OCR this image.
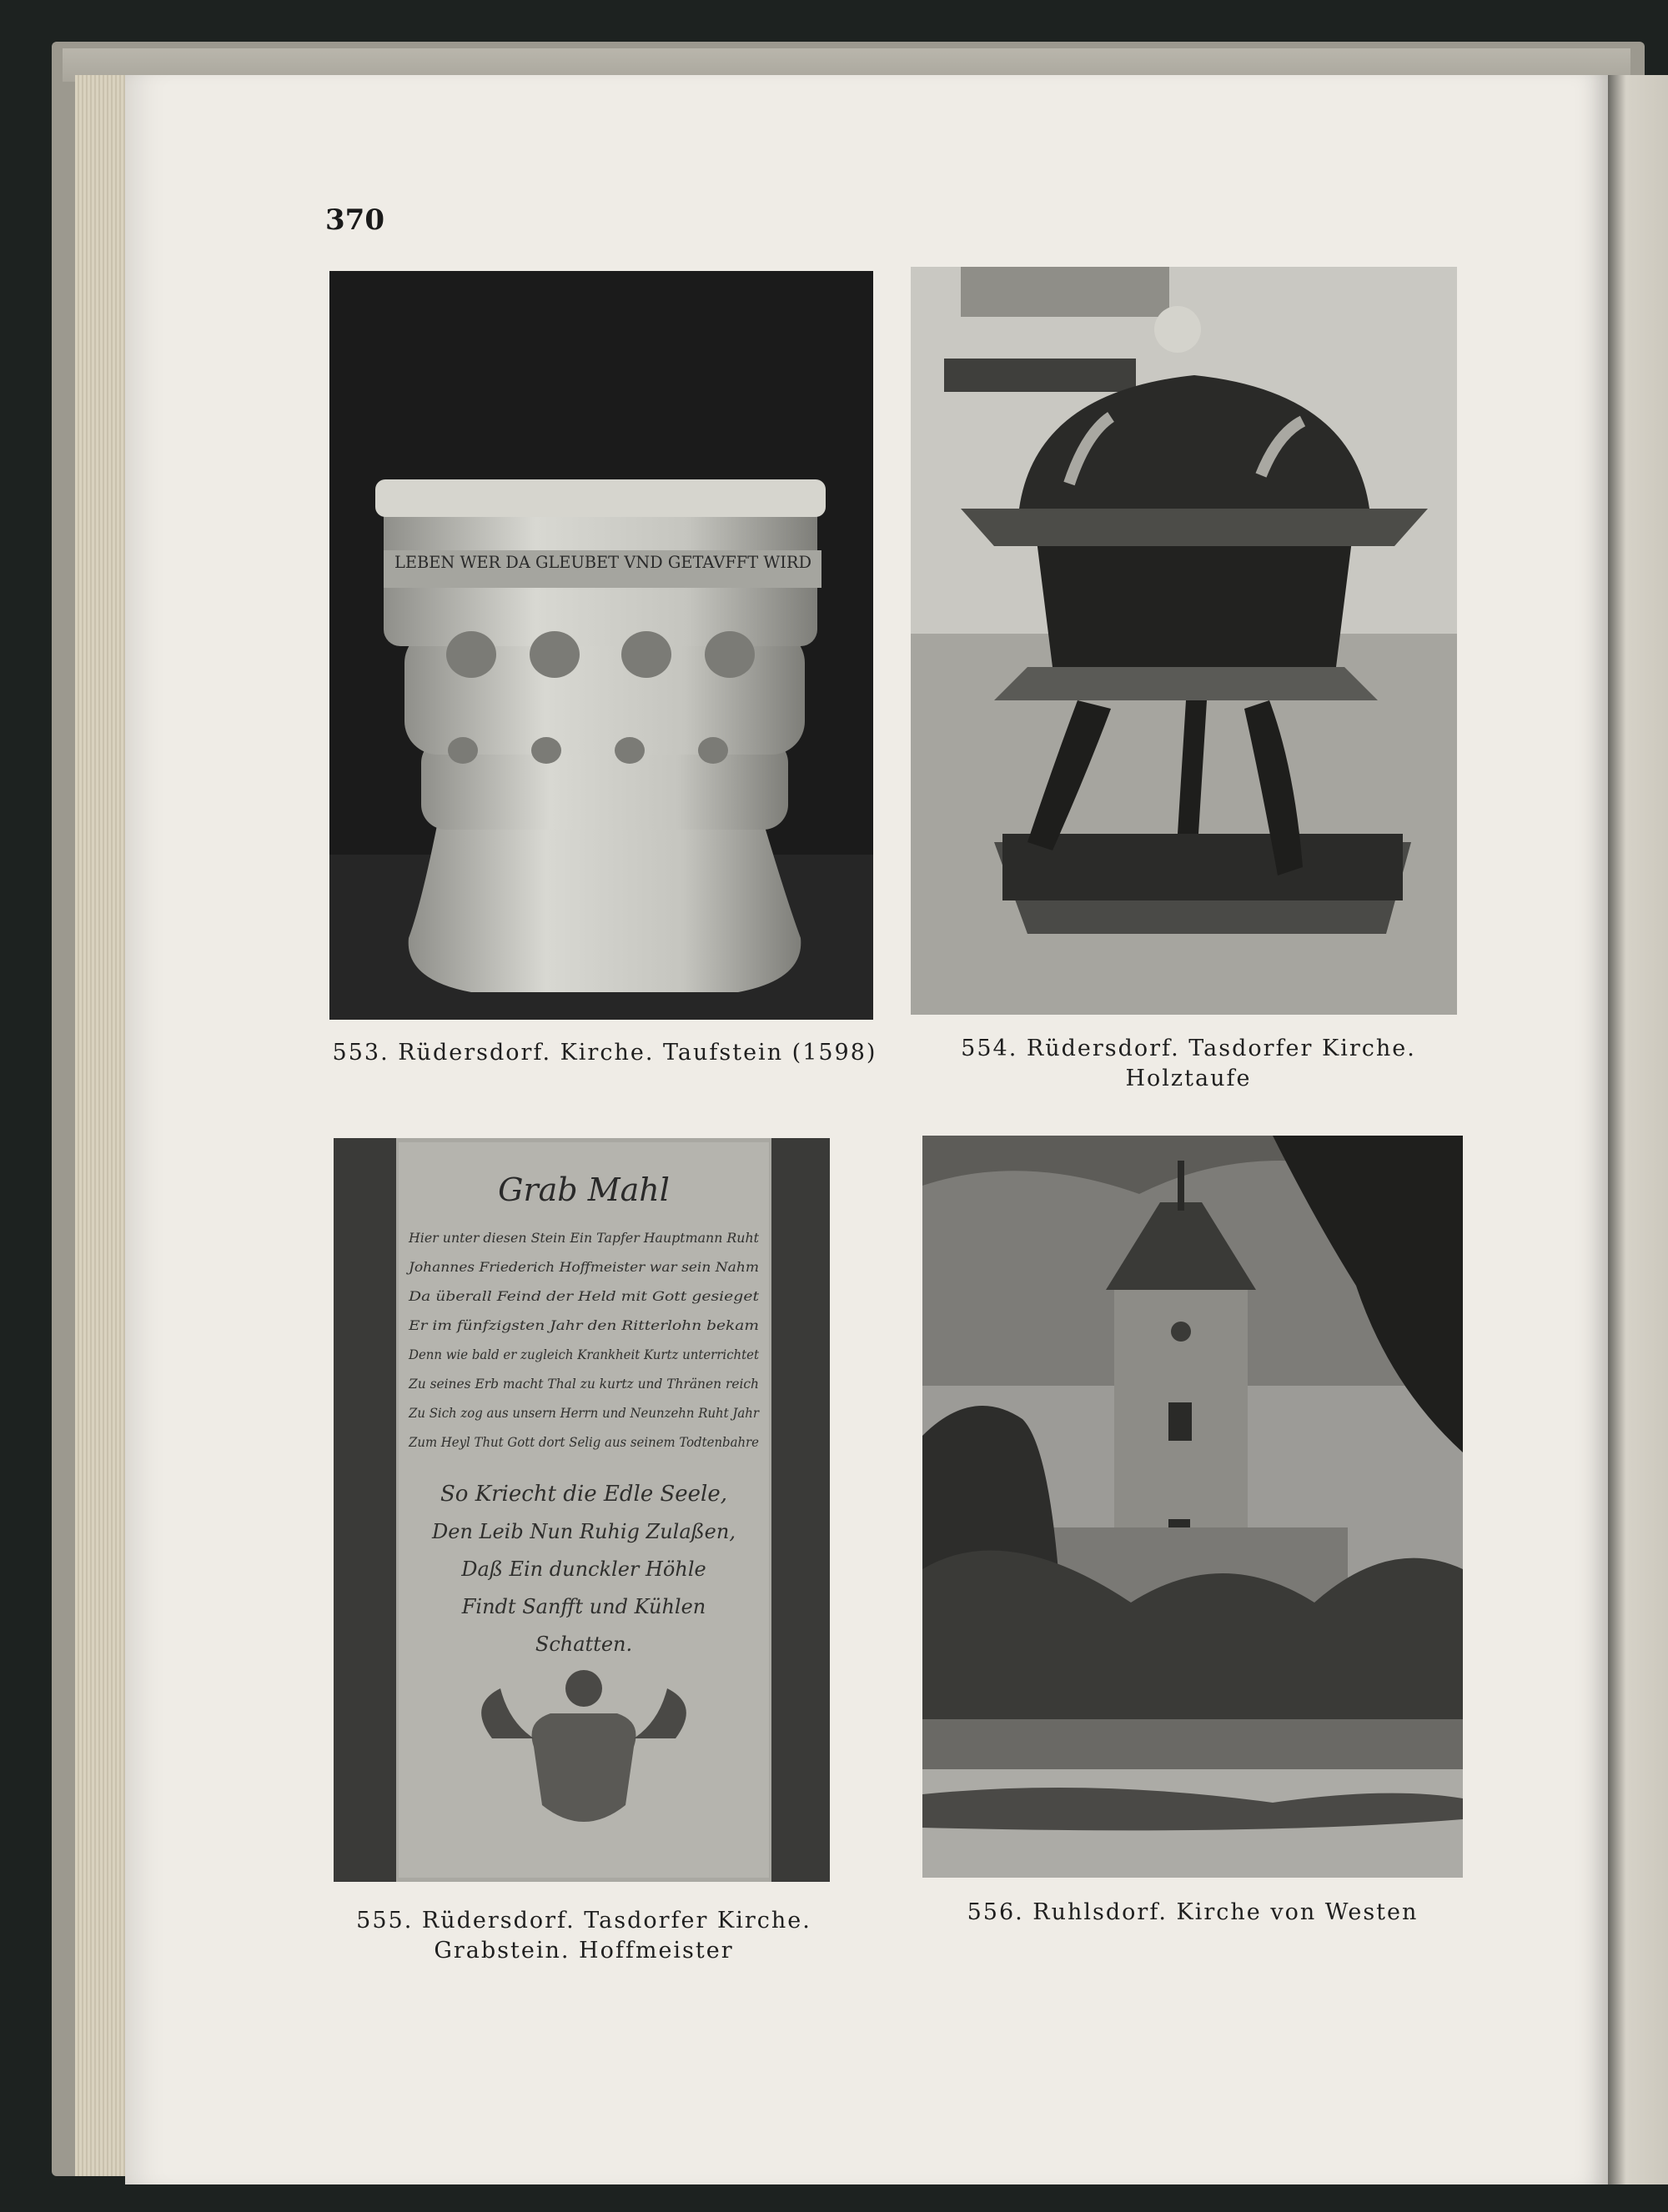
370
LEBEN WER DA GLEUBET VND GETAVFFT WIRD
Grab Mahl
Hier unter diesen Stein Ein Tapfer Hauptmann Ruht
Johannes Friederich Hoffmeister war sein Nahm
Da überall Feind der Held mit Gott gesieget
Er im fünfzigsten Jahr den Ritterlohn bekam
Denn wie bald er zugleich Krankheit Kurtz unterrichtet
Zu seines Erb macht Thal zu kurtz und Thränen reich
Zu Sich zog aus unsern Herrn und Neunzehn Ruht Jahr
Zum Heyl Thut Gott dort Selig aus seinem Todtenbahre
So Kriecht die Edle Seele,
Den Leib Nun Ruhig Zulaßen,
Daß Ein dunckler Höhle
Findt Sanfft und Kühlen
Schatten.
553. Rüdersdorf. Kirche. Taufstein (1598)	554. Rüdersdorf. Tasdorfer Kirche. Holztaufe
555. Rüdersdorf. Tasdorfer Kirche.
Grabstein. Hoffmeister
556. Ruhlsdorf. Kirche von Westen
